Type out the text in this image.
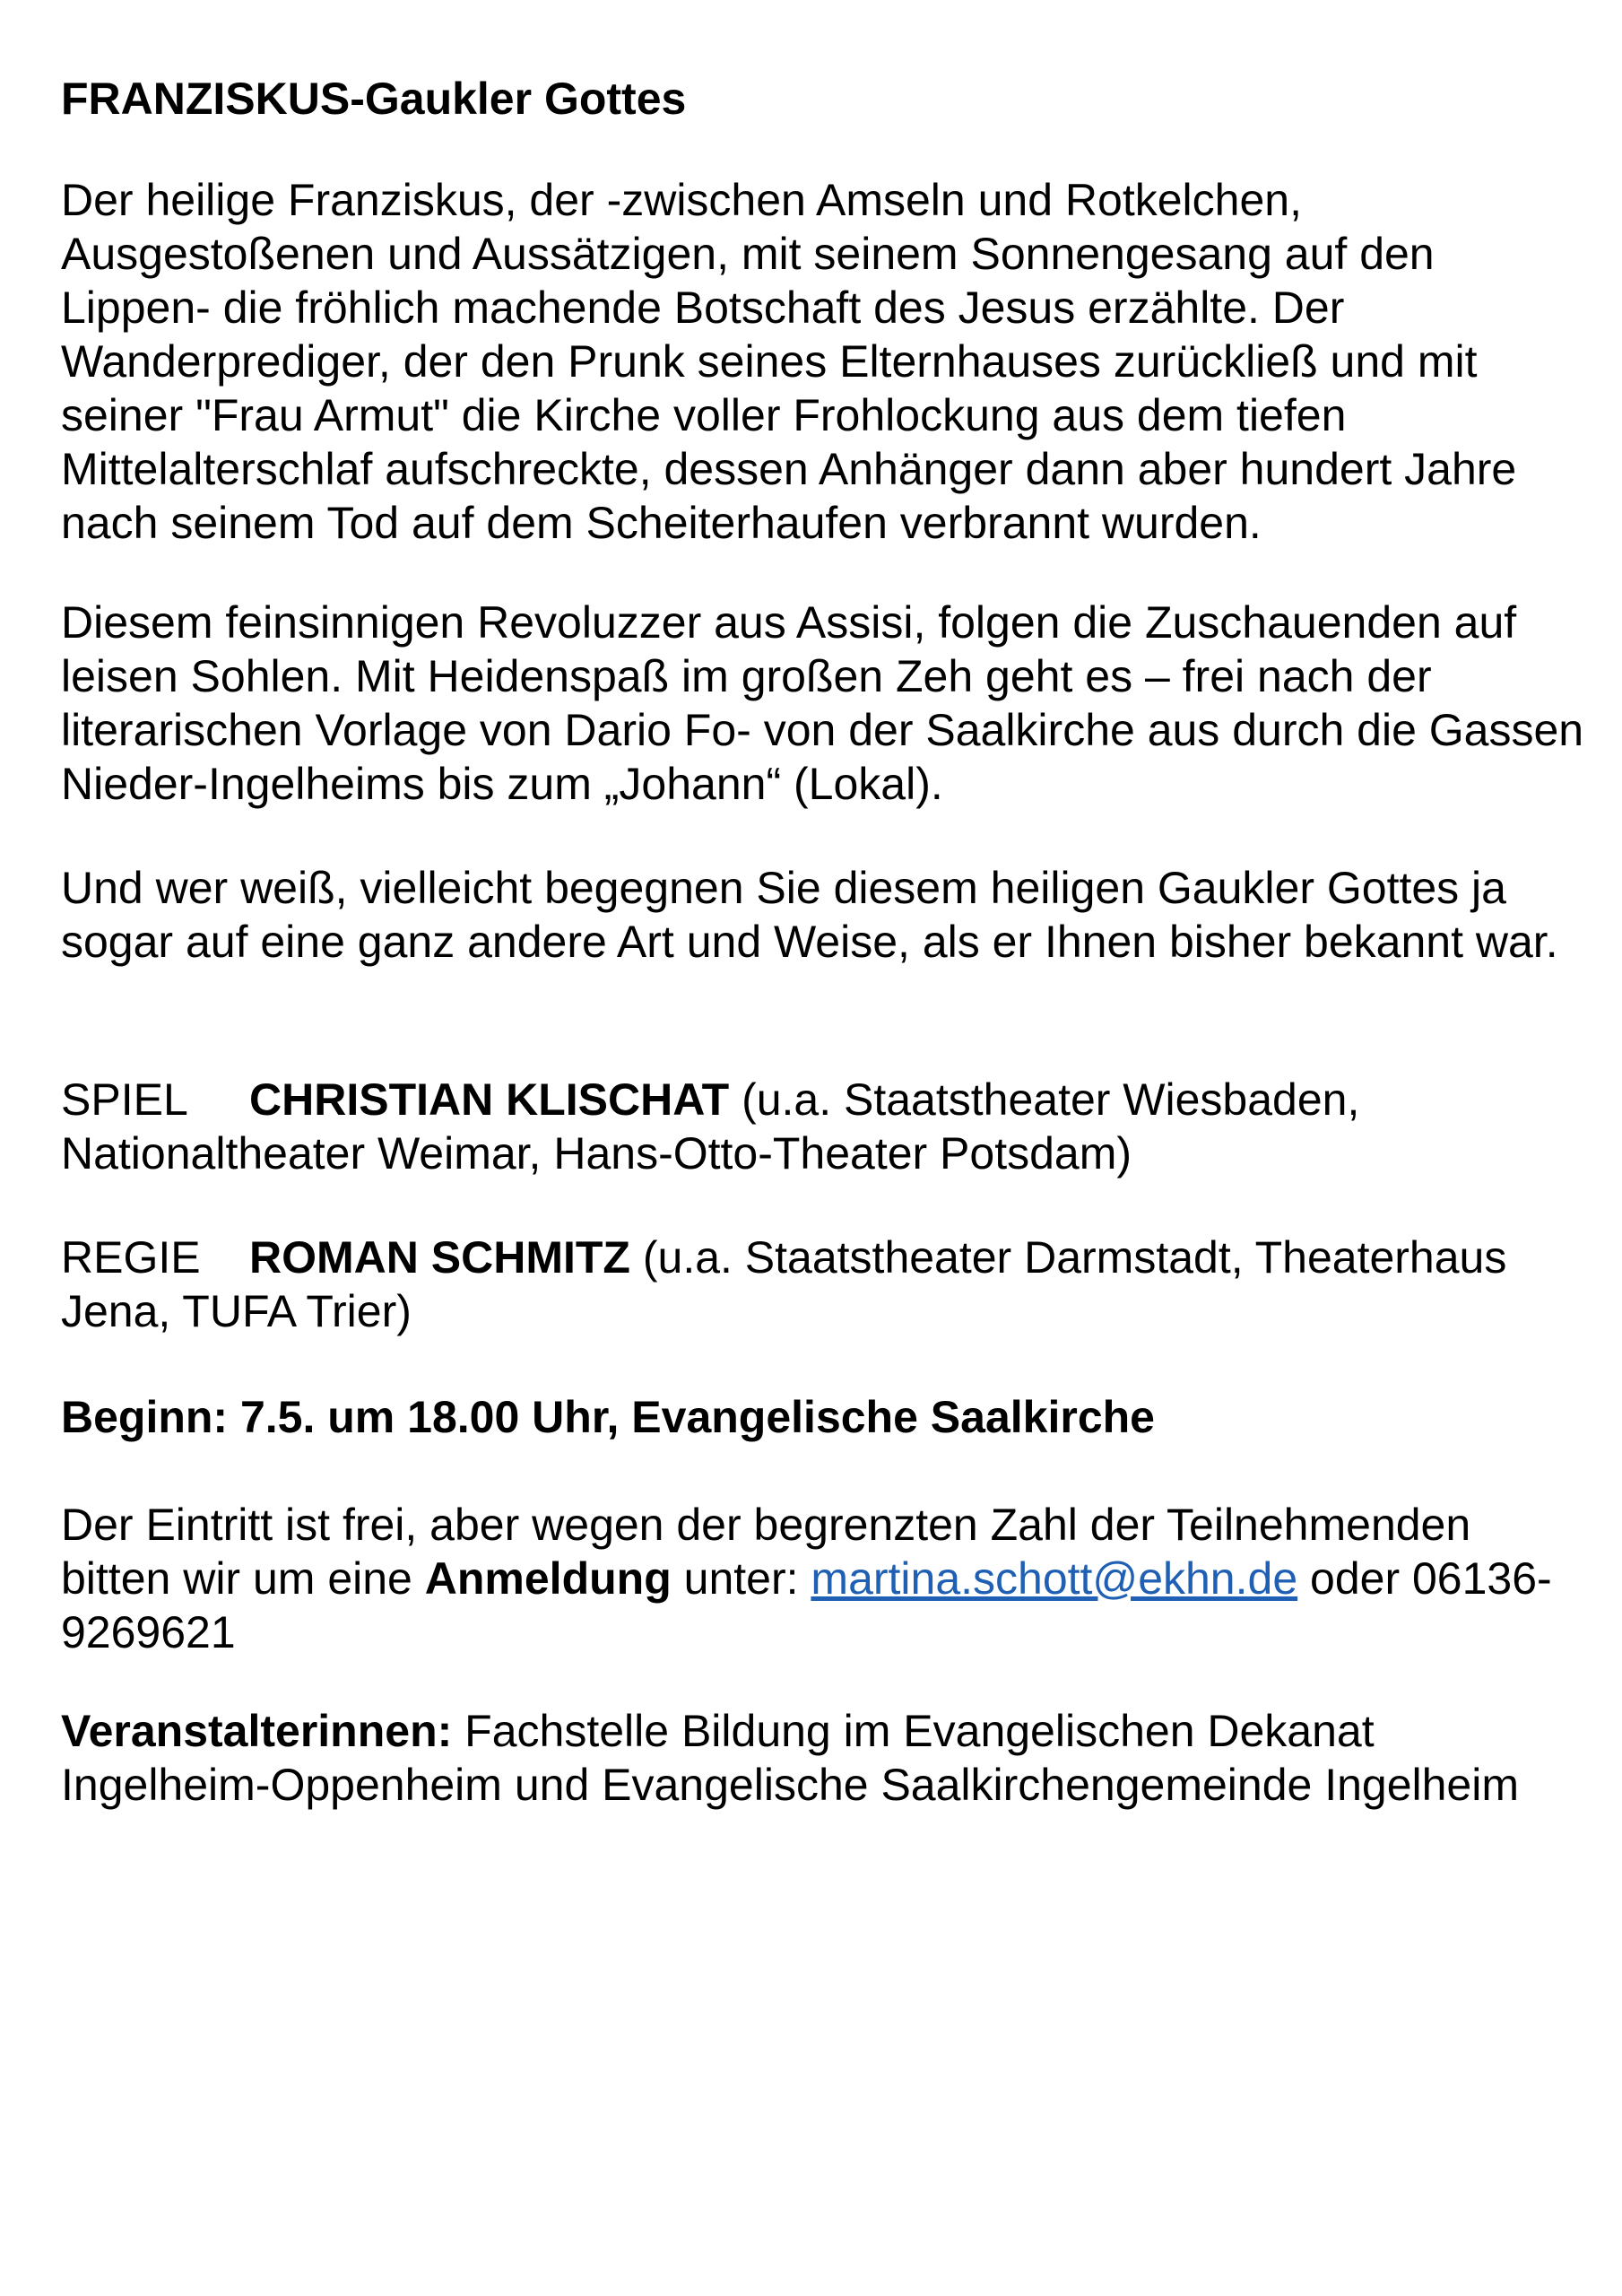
FRANZISKUS-Gaukler Gottes

Der heilige Franziskus, der -zwischen Amseln und Rotkelchen, Ausgestoßenen und Aussätzigen, mit seinem Sonnengesang auf den Lippen- die fröhlich machende Botschaft des Jesus erzählte. Der Wanderprediger, der den Prunk seines Elternhauses zurückließ und mit seiner "Frau Armut" die Kirche voller Frohlockung aus dem tiefen Mittelalterschlaf aufschreckte, dessen Anhänger dann aber hundert Jahre nach seinem Tod auf dem Scheiterhaufen verbrannt wurden.

Diesem feinsinnigen Revoluzzer aus Assisi, folgen die Zuschauenden auf leisen Sohlen. Mit Heidenspaß im großen Zeh geht es – frei nach der literarischen Vorlage von Dario Fo- von der Saalkirche aus durch die Gassen Nieder-Ingelheims bis zum „Johann“ (Lokal).

Und wer weiß, vielleicht begegnen Sie diesem heiligen Gaukler Gottes ja sogar auf eine ganz andere Art und Weise, als er Ihnen bisher bekannt war.

SPIEL CHRISTIAN KLISCHAT (u.a. Staatstheater Wiesbaden, Nationaltheater Weimar, Hans-Otto-Theater Potsdam)

REGIE ROMAN SCHMITZ (u.a. Staatstheater Darmstadt, Theaterhaus Jena, TUFA Trier)

Beginn: 7.5. um 18.00 Uhr, Evangelische Saalkirche

Der Eintritt ist frei, aber wegen der begrenzten Zahl der Teilnehmenden bitten wir um eine Anmeldung unter: martina.schott@ekhn.de oder 06136-9269621

Veranstalterinnen: Fachstelle Bildung im Evangelischen Dekanat Ingelheim-Oppenheim und Evangelische Saalkirchengemeinde Ingelheim
